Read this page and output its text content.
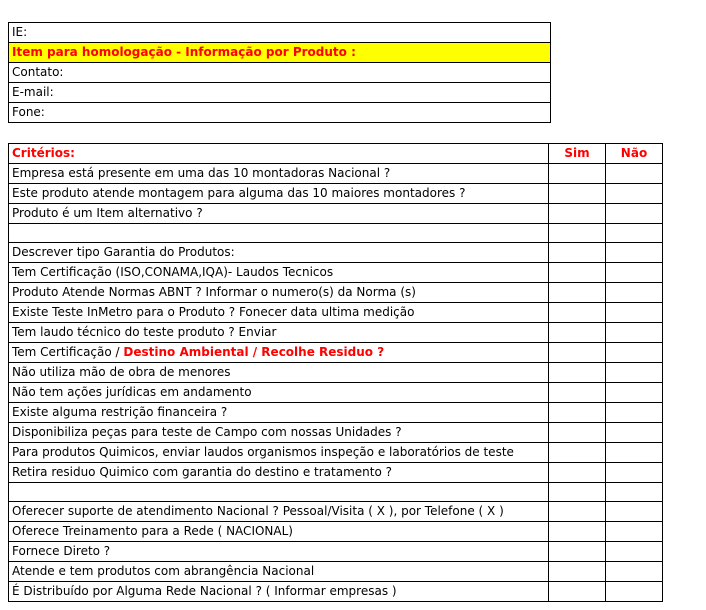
IE:
Item para homologação - Informação por Produto :
Contato:
E-mail:
Fone:
Critérios:	Sim	Não
Empresa está presente em uma das 10 montadoras Nacional ?		
Este produto atende montagem para alguma das 10 maiores montadores ?		
Produto é um Item alternativo ?		

Descrever tipo Garantia do Produtos:		
Tem Certificação (ISO,CONAMA,IQA)- Laudos Tecnicos		
Produto Atende Normas ABNT ? Informar o numero(s) da Norma (s)		
Existe Teste InMetro para o Produto ? Fonecer data ultima medição		
Tem laudo técnico do teste produto ? Enviar		
Tem Certificação / Destino Ambiental / Recolhe Residuo ?		
Não utiliza mão de obra de menores		
Não tem ações jurídicas em andamento		
Existe alguma restrição financeira ?		
Disponibiliza peças para teste de Campo com nossas Unidades ?		
Para produtos Quimicos, enviar laudos organismos inspeção e laboratórios de teste		
Retira residuo Quimico com garantia do destino e tratamento ?		

Oferecer suporte de atendimento Nacional ? Pessoal/Visita ( X ), por Telefone ( X )		
Oferece Treinamento para a Rede ( NACIONAL)		
Fornece Direto ?		
Atende e tem produtos com abrangência Nacional		
É Distribuído por Alguma Rede Nacional ? ( Informar empresas )		
